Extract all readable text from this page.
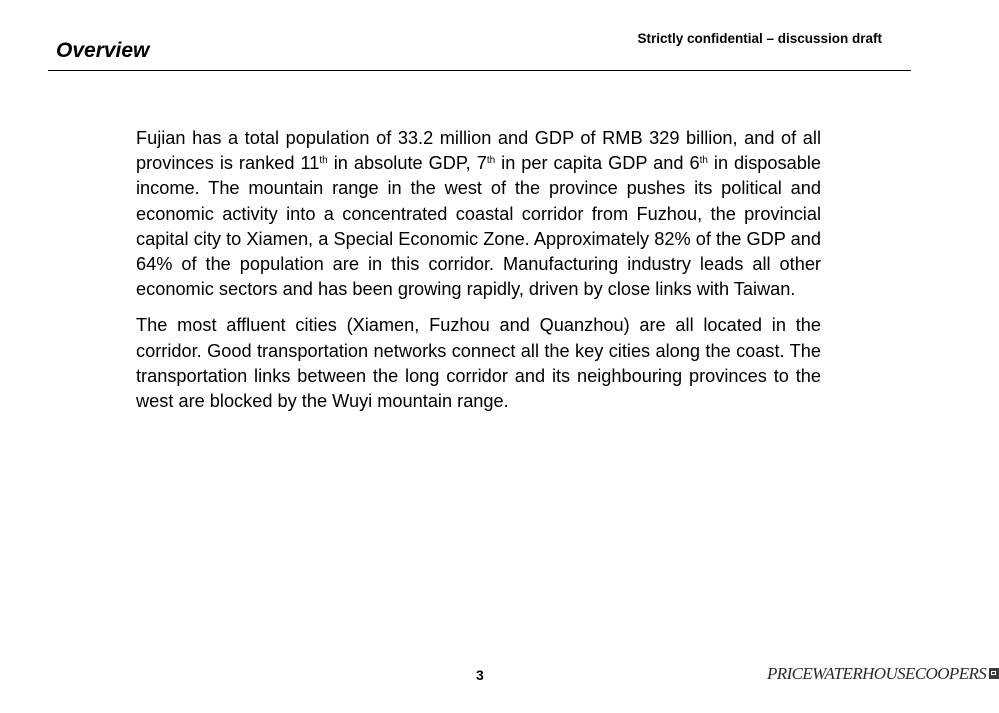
Overview
Strictly confidential – discussion draft

Fujian has a total population of 33.2 million and GDP of RMB 329 billion, and of all provinces is ranked 11th in absolute GDP, 7th in per capita GDP and 6th in disposable income. The mountain range in the west of the province pushes its political and economic activity into a concentrated coastal corridor from Fuzhou, the provincial capital city to Xiamen, a Special Economic Zone. Approximately 82% of the GDP and 64% of the population are in this corridor. Manufacturing industry leads all other economic sectors and has been growing rapidly, driven by close links with Taiwan.

The most affluent cities (Xiamen, Fuzhou and Quanzhou) are all located in the corridor. Good transportation networks connect all the key cities along the coast. The transportation links between the long corridor and its neighbouring provinces to the west are blocked by the Wuyi mountain range.

3	PRICEWATERHOUSECOOPERS
